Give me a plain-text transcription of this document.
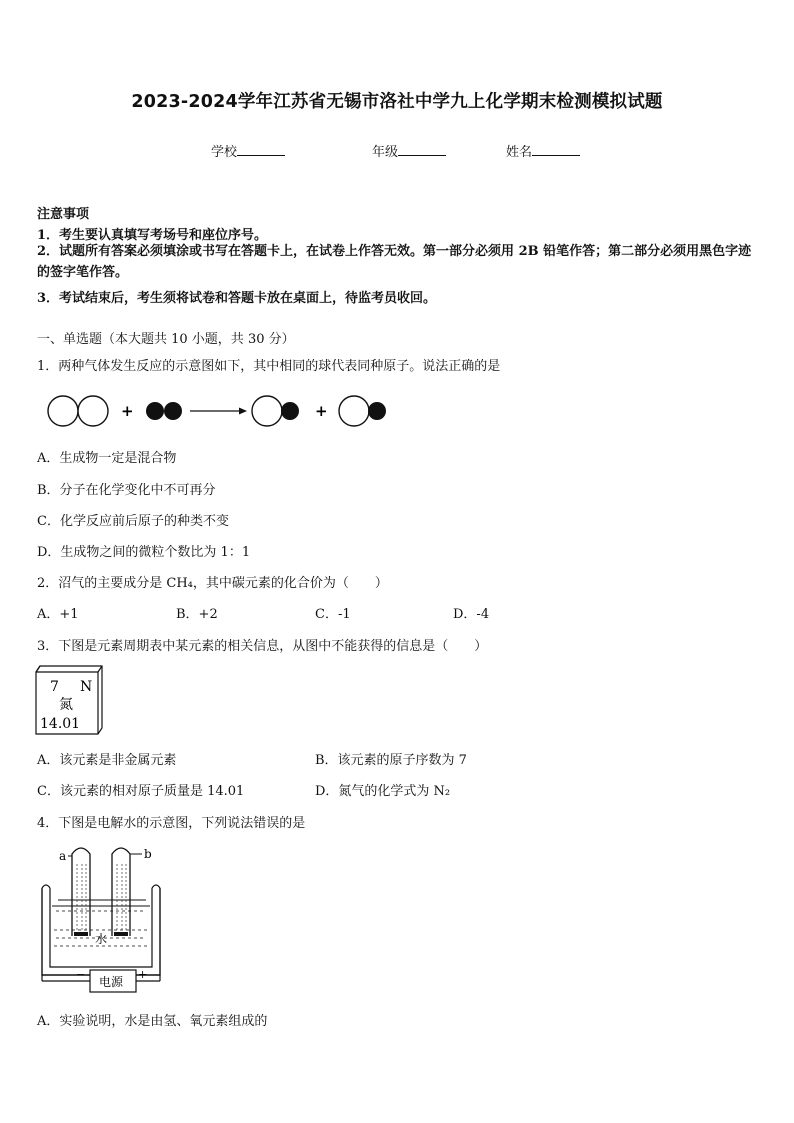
2023-2024学年江苏省无锡市洛社中学九上化学期末检测模拟试题
学校	年级	姓名
注意事项
1．考生要认真填写考场号和座位序号。
2．试题所有答案必须填涂或书写在答题卡上，在试卷上作答无效。第一部分必须用 2B 铅笔作答；第二部分必须用黑色字迹的签字笔作答。
3．考试结束后，考生须将试卷和答题卡放在桌面上，待监考员收回。
一、单选题（本大题共 10 小题，共 30 分）
1．两种气体发生反应的示意图如下，其中相同的球代表同种原子。说法正确的是
+	+
A．生成物一定是混合物
B．分子在化学变化中不可再分
C．化学反应前后原子的种类不变
D．生成物之间的微粒个数比为 1：1
2．沼气的主要成分是 CH₄，其中碳元素的化合价为（　　）
A．+1	B．+2	C．-1	D．-4
3．下图是元素周期表中某元素的相关信息，从图中不能获得的信息是（　　）
7 N
氮
14.01
A．该元素是非金属元素	B．该元素的原子序数为 7
C．该元素的相对原子质量是 14.01	D．氮气的化学式为 N₂
4．下图是电解水的示意图，下列说法错误的是
a	b
水
−	+
电源
A．实验说明，水是由氢、氧元素组成的
